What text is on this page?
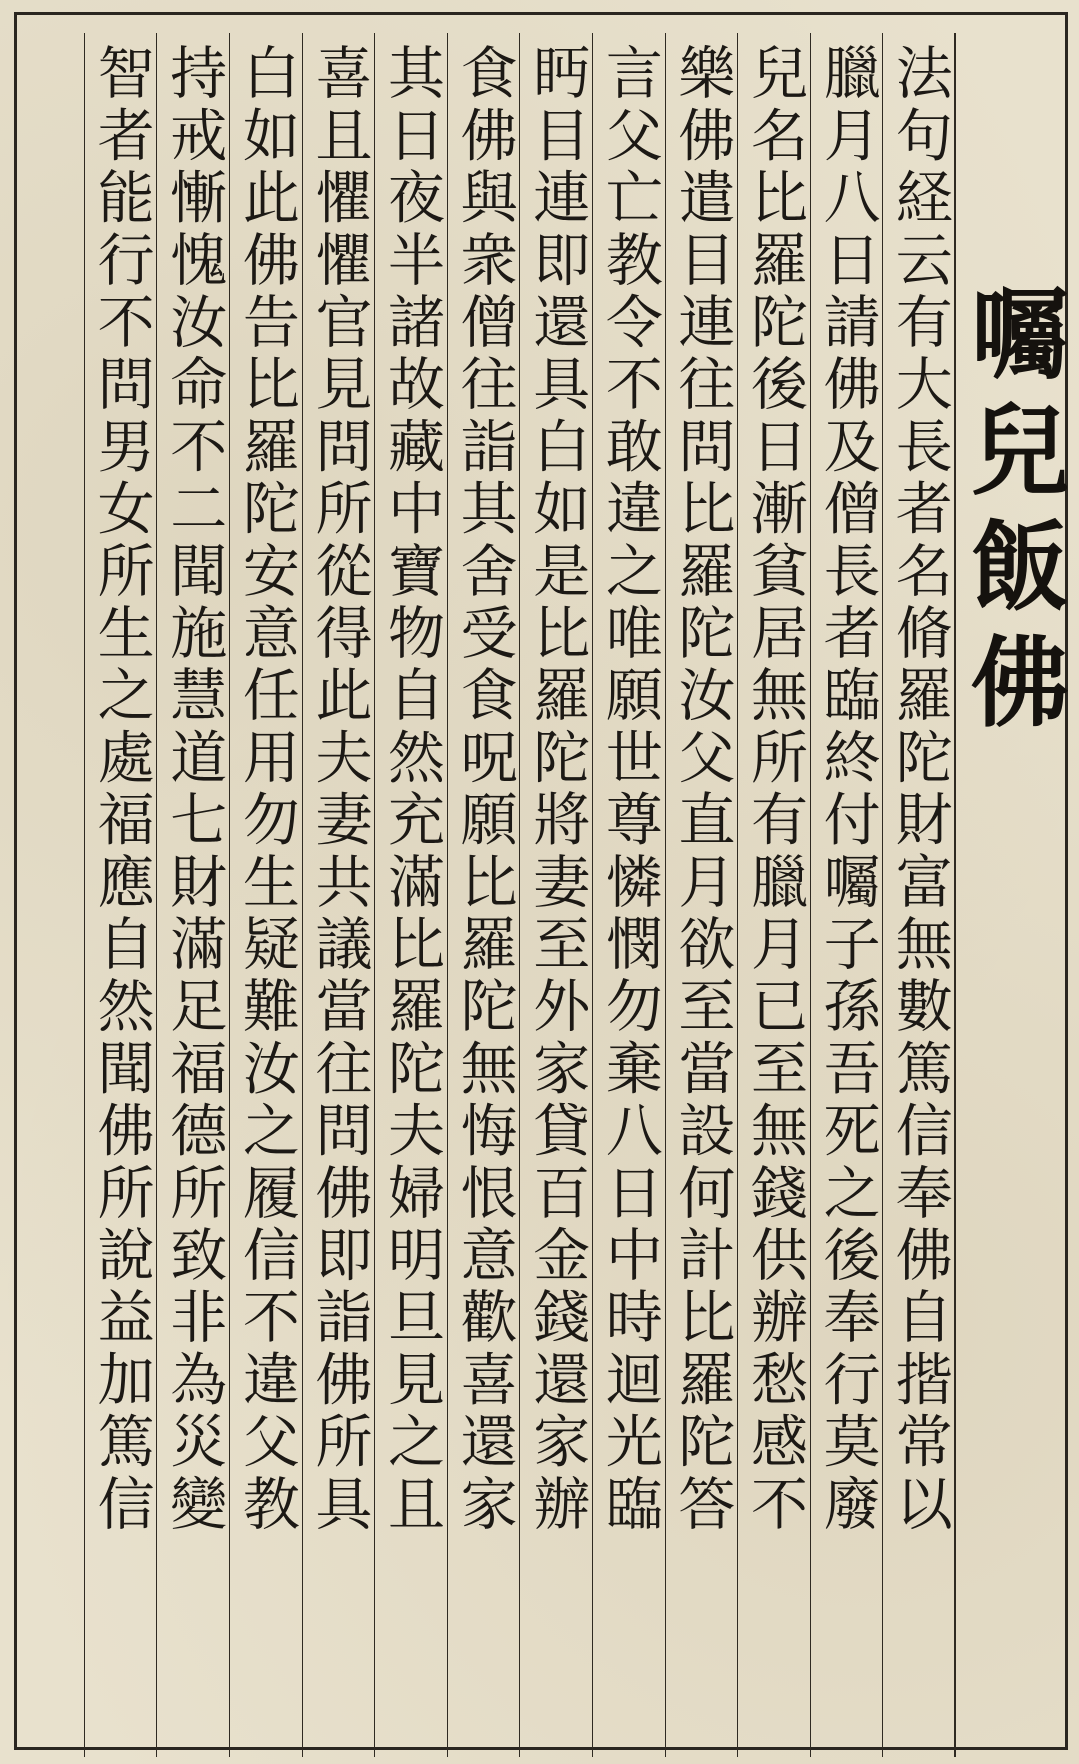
囑兒飯佛
法句経云有大長者名脩羅陀財富無數篤信奉佛自揩常以
臘月八日請佛及僧長者臨終付囑子孫吾死之後奉行莫廢
兒名比羅陀後日漸貧居無所有臘月已至無錢供辦愁感不
樂佛遣目連往問比羅陀汝父直月欲至當設何計比羅陀答
言父亡教令不敢違之唯願世尊憐憫勿棄八日中時迴光臨
眄目連即還具白如是比羅陀將妻至外家貸百金錢還家辦
食佛與衆僧往詣其舍受食呪願比羅陀無悔恨意歡喜還家
其日夜半諸故藏中寶物自然充滿比羅陀夫婦明旦見之且
喜且懼懼官見問所從得此夫妻共議當往問佛即詣佛所具
白如此佛告比羅陀安意任用勿生疑難汝之履信不違父教
持戒慚愧汝命不二聞施慧道七財滿足福德所致非為災變
智者能行不問男女所生之處福應自然聞佛所說益加篤信
